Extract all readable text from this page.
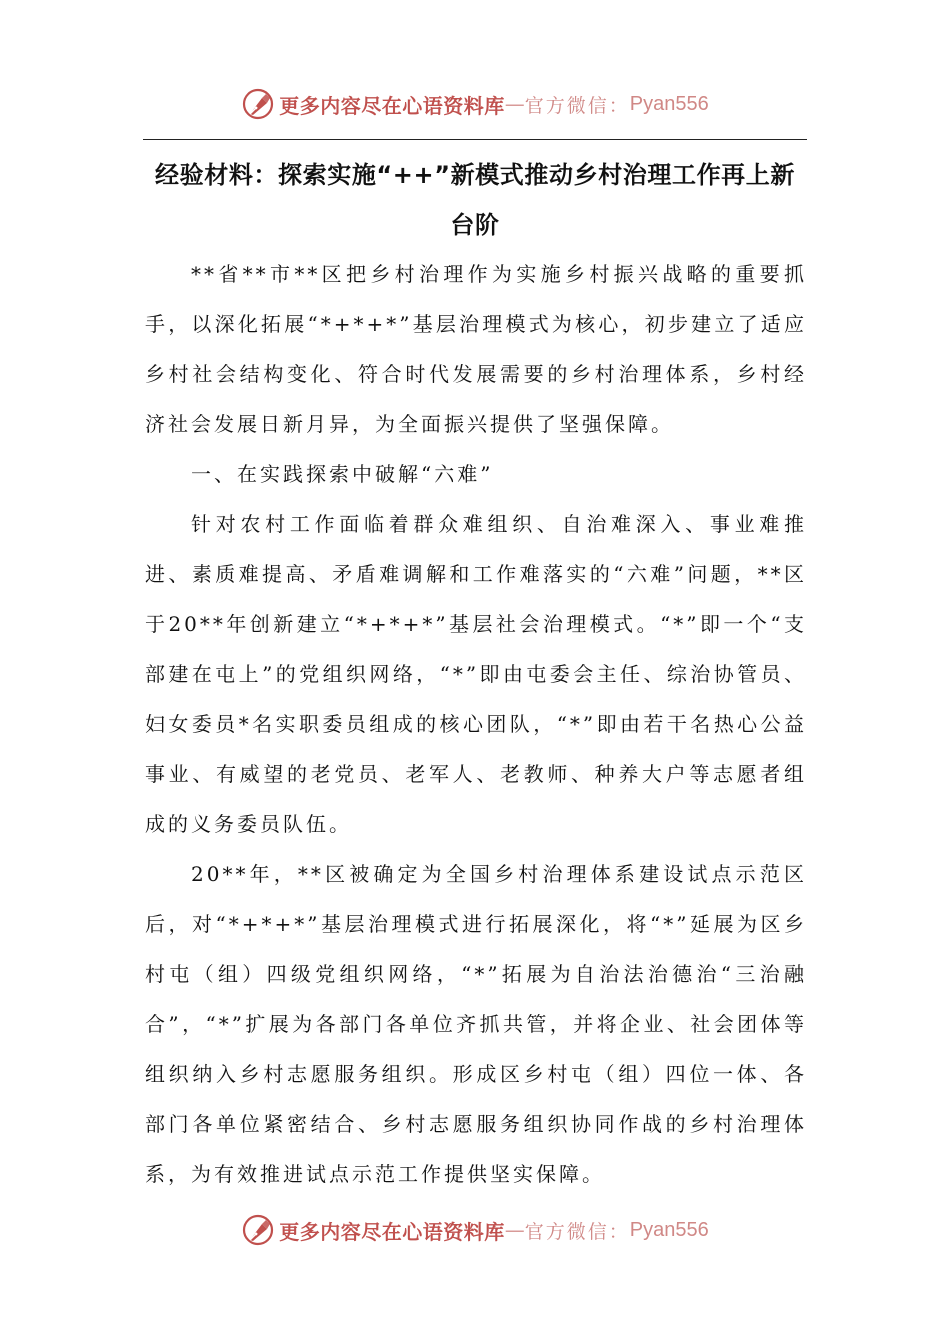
更多内容尽在心语资料库 — 官方微信： Pyan556
经验材料：探索实施“++”新模式推动乡村治理工作再上新台阶

**省**市**区把乡村治理作为实施乡村振兴战略的重要抓手，以深化拓展“*+*+*”基层治理模式为核心，初步建立了适应乡村社会结构变化、符合时代发展需要的乡村治理体系，乡村经济社会发展日新月异，为全面振兴提供了坚强保障。

一、在实践探索中破解“六难”

针对农村工作面临着群众难组织、自治难深入、事业难推进、素质难提高、矛盾难调解和工作难落实的“六难”问题，**区于20**年创新建立“*+*+*”基层社会治理模式。“*”即一个“支部建在屯上”的党组织网络，“*”即由屯委会主任、综治协管员、妇女委员*名实职委员组成的核心团队，“*”即由若干名热心公益事业、有威望的老党员、老军人、老教师、种养大户等志愿者组成的义务委员队伍。

20**年，**区被确定为全国乡村治理体系建设试点示范区后，对“*+*+*”基层治理模式进行拓展深化，将“*”延展为区乡村屯（组）四级党组织网络，“*”拓展为自治法治德治“三治融合”，“*”扩展为各部门各单位齐抓共管，并将企业、社会团体等组织纳入乡村志愿服务组织。形成区乡村屯（组）四位一体、各部门各单位紧密结合、乡村志愿服务组织协同作战的乡村治理体系，为有效推进试点示范工作提供坚实保障。

更多内容尽在心语资料库 — 官方微信： Pyan556
